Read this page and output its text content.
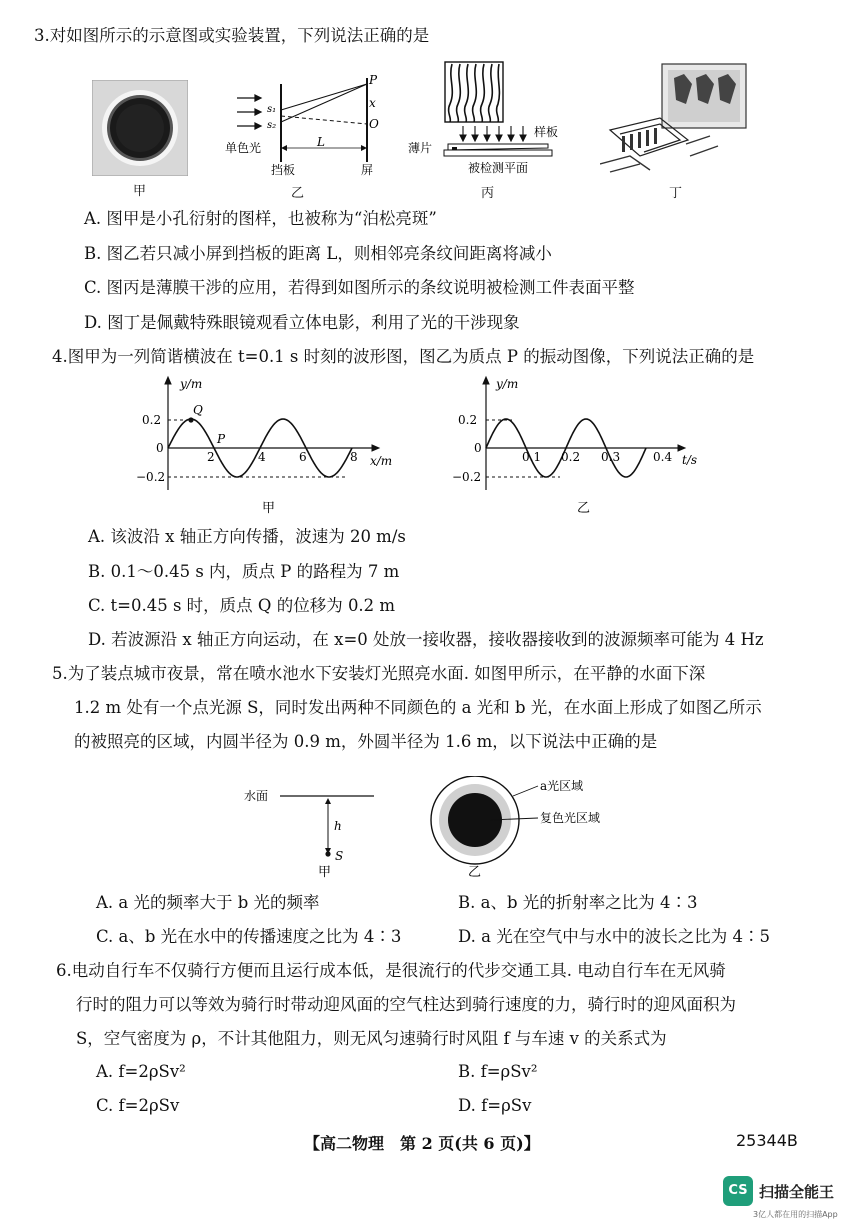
3.对如图所示的示意图或实验装置，下列说法正确的是
甲
s₁
s₂
P
x
O
L
单色光
挡板	屏
乙
薄片
样板
被检测平面
丙	丁
A. 图甲是小孔衍射的图样，也被称为“泊松亮斑”
B. 图乙若只减小屏到挡板的距离 L，则相邻亮条纹间距离将减小
C. 图丙是薄膜干涉的应用，若得到如图所示的条纹说明被检测工件表面平整
D. 图丁是佩戴特殊眼镜观看立体电影，利用了光的干涉现象
4.图甲为一列简谐横波在 t=0.1 s 时刻的波形图，图乙为质点 P 的振动图像，下列说法正确的是
y/m
x/m
0.2
0
−0.2
2	4	6	8
Q
P
甲
y/m
t/s
0.2
0
−0.2
0.1 0.2 0.3	0.4
乙
A. 该波沿 x 轴正方向传播，波速为 20 m/s
B. 0.1～0.45 s 内，质点 P 的路程为 7 m
C. t=0.45 s 时，质点 Q 的位移为 0.2 m
D. 若波源沿 x 轴正方向运动，在 x=0 处放一接收器，接收器接收到的波源频率可能为 4 Hz
5.为了装点城市夜景，常在喷水池水下安装灯光照亮水面. 如图甲所示，在平静的水面下深
1.2 m 处有一个点光源 S，同时发出两种不同颜色的 a 光和 b 光，在水面上形成了如图乙所示
的被照亮的区域，内圆半径为 0.9 m，外圆半径为 1.6 m，以下说法中正确的是
水面
h
S
甲
a光区域
复色光区域
乙
A. a 光的频率大于 b 光的频率	B. a、b 光的折射率之比为 4∶3
C. a、b 光在水中的传播速度之比为 4∶3	D. a 光在空气中与水中的波长之比为 4∶5
6.电动自行车不仅骑行方便而且运行成本低，是很流行的代步交通工具. 电动自行车在无风骑
行时的阻力可以等效为骑行时带动迎风面的空气柱达到骑行速度的力，骑行时的迎风面积为
S，空气密度为 ρ，不计其他阻力，则无风匀速骑行时风阻 f 与车速 v 的关系式为
A. f=2ρSv²	B. f=ρSv²
C. f=2ρSv	D. f=ρSv
【高二物理　第 2 页(共 6 页)】	25344B
CS 扫描全能王
3亿人都在用的扫描App
